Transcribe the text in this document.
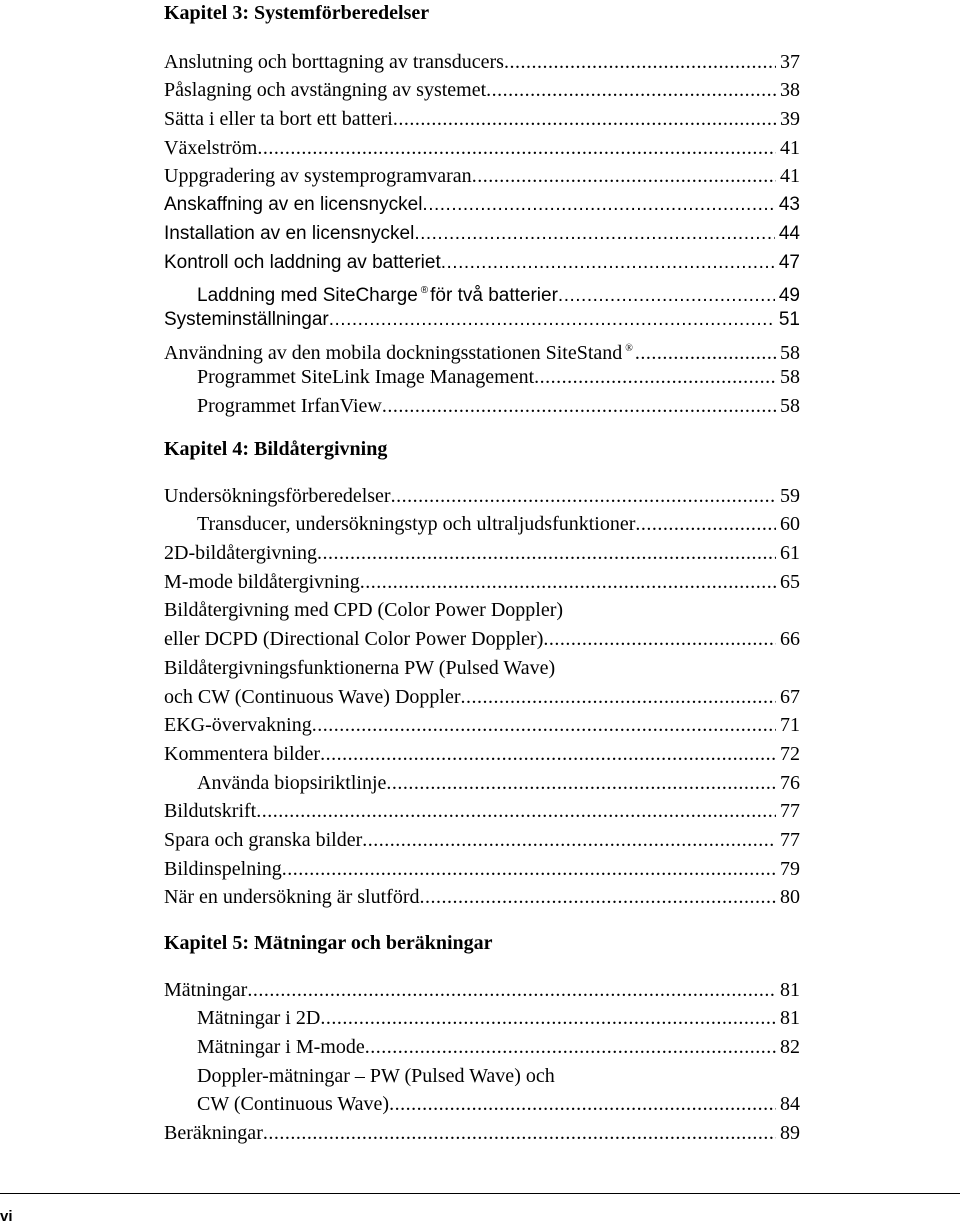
Kapitel 3: Systemförberedelser
Anslutning och borttagning av transducers .....	37
Påslagning och avstängning av systemet .....	38
Sätta i eller ta bort ett batteri .....	39
Växelström .....	41
Uppgradering av systemprogramvaran .....	41
Anskaffning av en licensnyckel .....	43
Installation av en licensnyckel .....	44
Kontroll och laddning av batteriet .....	47
Laddning med SiteCharge ® för två batterier .....	49
Systeminställningar .....	51
Användning av den mobila dockningsstationen SiteStand ® .....	58
Programmet SiteLink Image Management .....	58
Programmet IrfanView .....	58
Kapitel 4: Bildåtergivning
Undersökningsförberedelser .....	59
Transducer, undersökningstyp och ultraljudsfunktioner .....	60
2D-bildåtergivning .....	61
M-mode bildåtergivning .....	65
Bildåtergivning med CPD (Color Power Doppler)
eller DCPD (Directional Color Power Doppler) .....	66
Bildåtergivningsfunktionerna PW (Pulsed Wave)
och CW (Continuous Wave) Doppler .....	67
EKG-övervakning .....	71
Kommentera bilder .....	72
Använda biopsiriktlinje .....	76
Bildutskrift .....	77
Spara och granska bilder .....	77
Bildinspelning .....	79
När en undersökning är slutförd .....	80
Kapitel 5: Mätningar och beräkningar
Mätningar .....	81
Mätningar i 2D .....	81
Mätningar i M-mode .....	82
Doppler-mätningar – PW (Pulsed Wave) och
CW (Continuous Wave) .....	84
Beräkningar .....	89
vi
